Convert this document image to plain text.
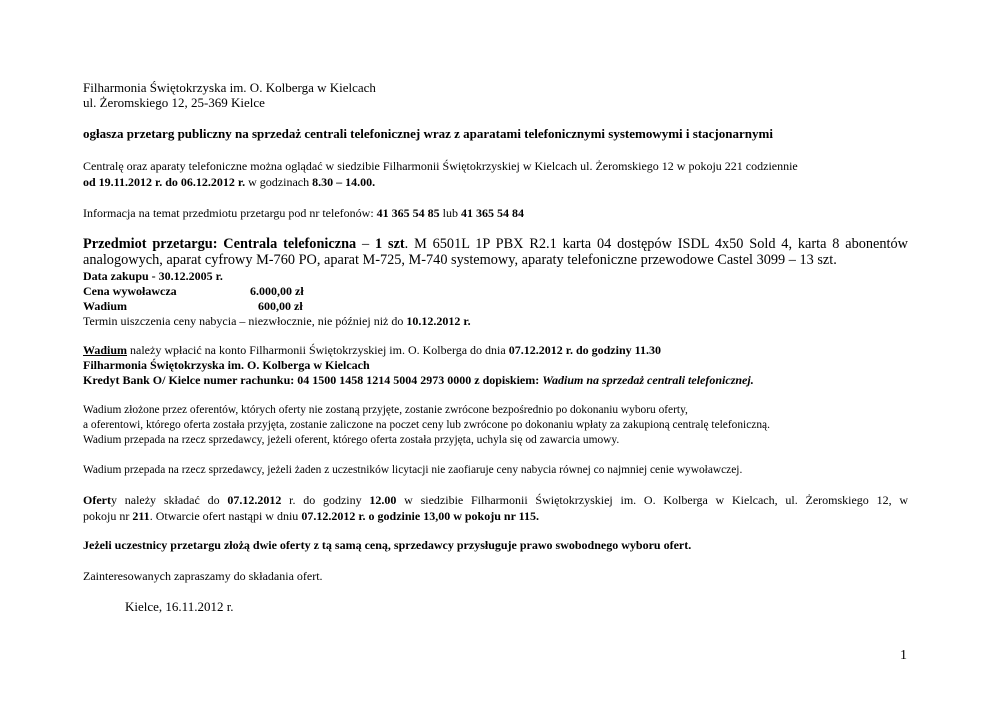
Filharmonia Świętokrzyska im. O. Kolberga w Kielcach
ul. Żeromskiego 12, 25-369 Kielce
ogłasza przetarg publiczny na sprzedaż centrali telefonicznej wraz z aparatami telefonicznymi systemowymi i stacjonarnymi
Centralę oraz aparaty telefoniczne można oglądać w siedzibie Filharmonii Świętokrzyskiej w Kielcach ul. Żeromskiego 12 w pokoju 221 codziennie
od 19.11.2012 r. do 06.12.2012 r. w godzinach 8.30 – 14.00.
Informacja na temat przedmiotu przetargu pod nr telefonów: 41 365 54 85 lub 41 365 54 84
Przedmiot przetargu: Centrala telefoniczna – 1 szt. M 6501L 1P PBX R2.1 karta 04 dostępów ISDL 4x50 Sold 4, karta 8 abonentów
analogowych, aparat cyfrowy M-760 PO, aparat M-725, M-740 systemowy, aparaty telefoniczne przewodowe Castel 3099 – 13 szt.
Data zakupu - 30.12.2005 r.
Cena wywoławcza	6.000,00 zł
Wadium	600,00 zł
Termin uiszczenia ceny nabycia – niezwłocznie, nie później niż do 10.12.2012 r.
Wadium należy wpłacić na konto Filharmonii Świętokrzyskiej im. O. Kolberga do dnia 07.12.2012 r. do godziny 11.30
Filharmonia Świętokrzyska im. O. Kolberga w Kielcach
Kredyt Bank O/ Kielce numer rachunku: 04 1500 1458 1214 5004 2973 0000 z dopiskiem: Wadium na sprzedaż centrali telefonicznej.
Wadium złożone przez oferentów, których oferty nie zostaną przyjęte, zostanie zwrócone bezpośrednio po dokonaniu wyboru oferty,
a oferentowi, którego oferta została przyjęta, zostanie zaliczone na poczet ceny lub zwrócone po dokonaniu wpłaty za zakupioną centralę telefoniczną.
Wadium przepada na rzecz sprzedawcy, jeżeli oferent, którego oferta została przyjęta, uchyla się od zawarcia umowy.
Wadium przepada na rzecz sprzedawcy, jeżeli żaden z uczestników licytacji nie zaofiaruje ceny nabycia równej co najmniej cenie wywoławczej.
Oferty należy składać do 07.12.2012 r. do godziny 12.00 w siedzibie Filharmonii Świętokrzyskiej im. O. Kolberga w Kielcach, ul. Żeromskiego 12, w
pokoju nr 211. Otwarcie ofert nastąpi w dniu 07.12.2012 r. o godzinie 13,00 w pokoju nr 115.
Jeżeli uczestnicy przetargu złożą dwie oferty z tą samą ceną, sprzedawcy przysługuje prawo swobodnego wyboru ofert.
Zainteresowanych zapraszamy do składania ofert.
Kielce, 16.11.2012 r.
1
